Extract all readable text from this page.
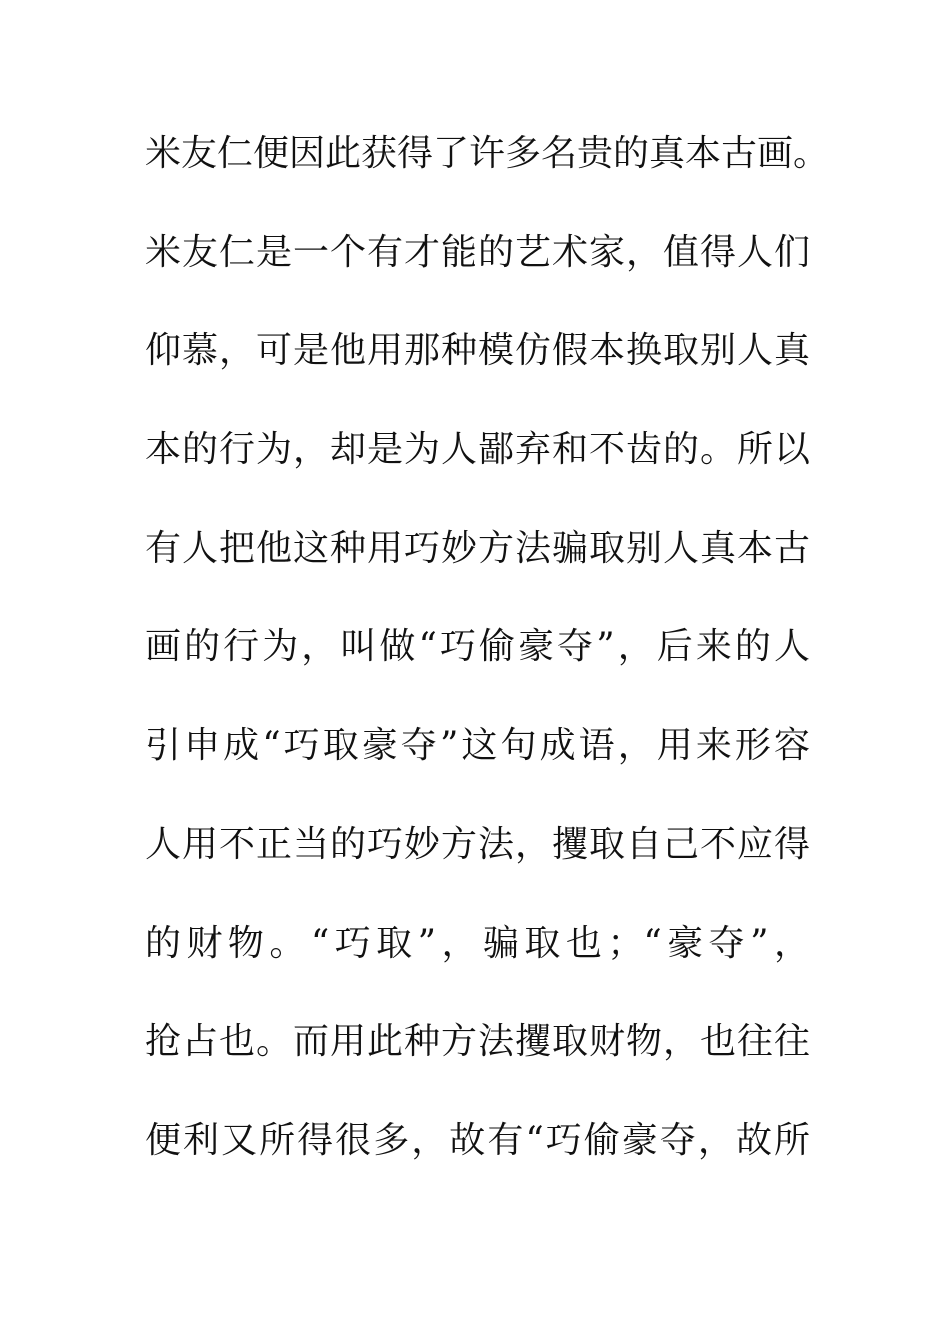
米友仁便因此获得了许多名贵的真本古画。
米友仁是一个有才能的艺术家，值得人们
仰慕，可是他用那种模仿假本换取别人真
本的行为，却是为人鄙弃和不齿的。所以
有人把他这种用巧妙方法骗取别人真本古
画的行为，叫做“巧偷豪夺”，后来的人
引申成“巧取豪夺”这句成语，用来形容
人用不正当的巧妙方法，攫取自己不应得
的财物。“巧取”，骗取也；“豪夺”，
抢占也。而用此种方法攫取财物，也往往
便利又所得很多，故有“巧偷豪夺，故所
